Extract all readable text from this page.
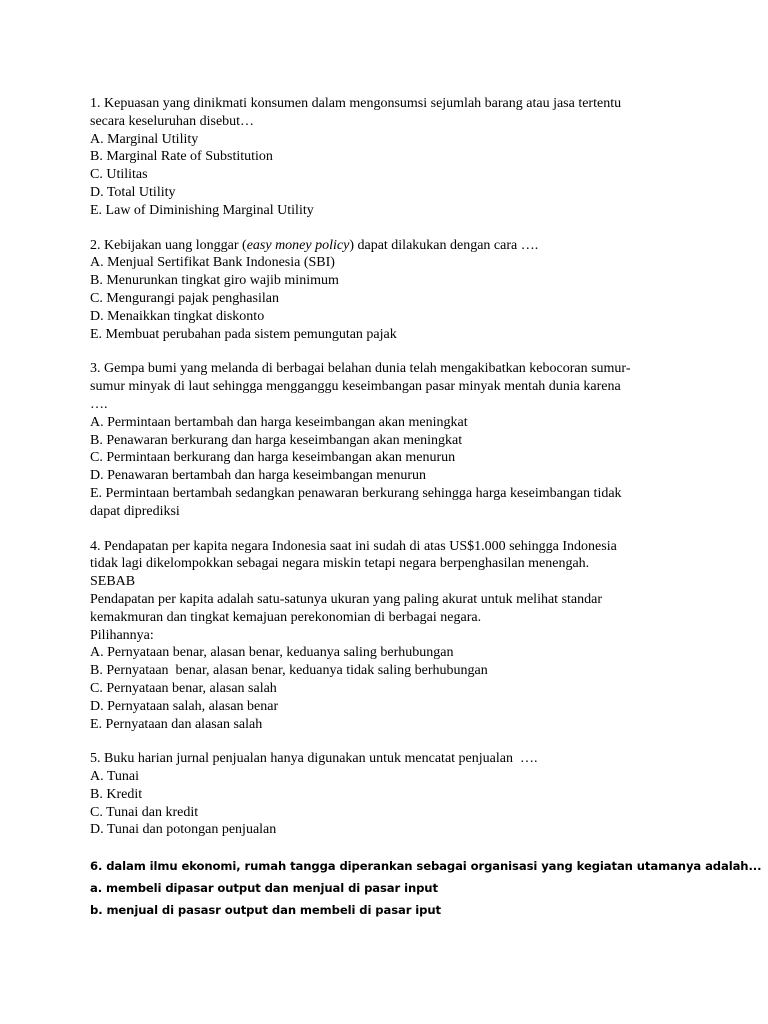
1. Kepuasan yang dinikmati konsumen dalam mengonsumsi sejumlah barang atau jasa tertentu
secara keseluruhan disebut…
A. Marginal Utility
B. Marginal Rate of Substitution
C. Utilitas
D. Total Utility
E. Law of Diminishing Marginal Utility
2. Kebijakan uang longgar (easy money policy) dapat dilakukan dengan cara ….
A. Menjual Sertifikat Bank Indonesia (SBI)
B. Menurunkan tingkat giro wajib minimum
C. Mengurangi pajak penghasilan
D. Menaikkan tingkat diskonto
E. Membuat perubahan pada sistem pemungutan pajak
3. Gempa bumi yang melanda di berbagai belahan dunia telah mengakibatkan kebocoran sumur-
sumur minyak di laut sehingga mengganggu keseimbangan pasar minyak mentah dunia karena
….
A. Permintaan bertambah dan harga keseimbangan akan meningkat
B. Penawaran berkurang dan harga keseimbangan akan meningkat
C. Permintaan berkurang dan harga keseimbangan akan menurun
D. Penawaran bertambah dan harga keseimbangan menurun
E. Permintaan bertambah sedangkan penawaran berkurang sehingga harga keseimbangan tidak
dapat diprediksi
4. Pendapatan per kapita negara Indonesia saat ini sudah di atas US$1.000 sehingga Indonesia
tidak lagi dikelompokkan sebagai negara miskin tetapi negara berpenghasilan menengah.
SEBAB
Pendapatan per kapita adalah satu-satunya ukuran yang paling akurat untuk melihat standar
kemakmuran dan tingkat kemajuan perekonomian di berbagai negara.
Pilihannya:
A. Pernyataan benar, alasan benar, keduanya saling berhubungan
B. Pernyataan  benar, alasan benar, keduanya tidak saling berhubungan
C. Pernyataan benar, alasan salah
D. Pernyataan salah, alasan benar
E. Pernyataan dan alasan salah
5. Buku harian jurnal penjualan hanya digunakan untuk mencatat penjualan  ….
A. Tunai
B. Kredit
C. Tunai dan kredit
D. Tunai dan potongan penjualan
6. dalam ilmu ekonomi, rumah tangga diperankan sebagai organisasi yang kegiatan utamanya adalah...
a. membeli dipasar output dan menjual di pasar input
b. menjual di pasasr output dan membeli di pasar iput
